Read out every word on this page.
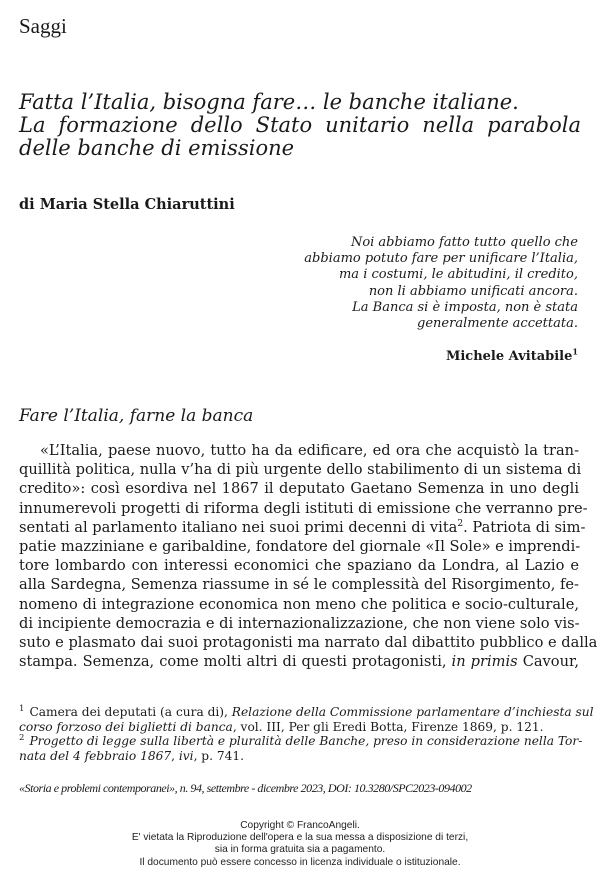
Saggi
Fatta l’Italia, bisogna fare… le banche italiane.
La formazione dello Stato unitario nella parabola
delle banche di emissione
di Maria Stella Chiaruttini
Noi abbiamo fatto tutto quello che
abbiamo potuto fare per unificare l’Italia,
ma i costumi, le abitudini, il credito,
non li abbiamo unificati ancora.
La Banca si è imposta, non è stata
generalmente accettata.
Michele Avitabile$^1$
Fare l’Italia, farne la banca
«L’Italia, paese nuovo, tutto ha da edificare, ed ora che acquistò la tran-
quillità politica, nulla v’ha di più urgente dello stabilimento di un sistema di
credito»: così esordiva nel 1867 il deputato Gaetano Semenza in uno degli
innumerevoli progetti di riforma degli istituti di emissione che verranno pre-
sentati al parlamento italiano nei suoi primi decenni di vita$^2$. Patriota di sim-
patie mazziniane e garibaldine, fondatore del giornale «Il Sole» e imprendi-
tore lombardo con interessi economici che spaziano da Londra, al Lazio e
alla Sardegna, Semenza riassume in sé le complessità del Risorgimento, fe-
nomeno di integrazione economica non meno che politica e socio-culturale,
di incipiente democrazia e di internazionalizzazione, che non viene solo vis-
suto e plasmato dai suoi protagonisti ma narrato dal dibattito pubblico e dalla
stampa. Semenza, come molti altri di questi protagonisti, in primis Cavour,
$^1$ Camera dei deputati (a cura di), Relazione della Commissione parlamentare d’inchiesta sul
corso forzoso dei biglietti di banca, vol. III, Per gli Eredi Botta, Firenze 1869, p. 121.
$^2$ Progetto di legge sulla libertà e pluralità delle Banche, preso in considerazione nella Tor-
nata del 4 febbraio 1867, ivi, p. 741.
«Storia e problemi contemporanei», n. 94, settembre - dicembre 2023, DOI: 10.3280/SPC2023-094002
Copyright © FrancoAngeli.
E' vietata la Riproduzione dell'opera e la sua messa a disposizione di terzi,
sia in forma gratuita sia a pagamento.
Il documento può essere concesso in licenza individuale o istituzionale.
